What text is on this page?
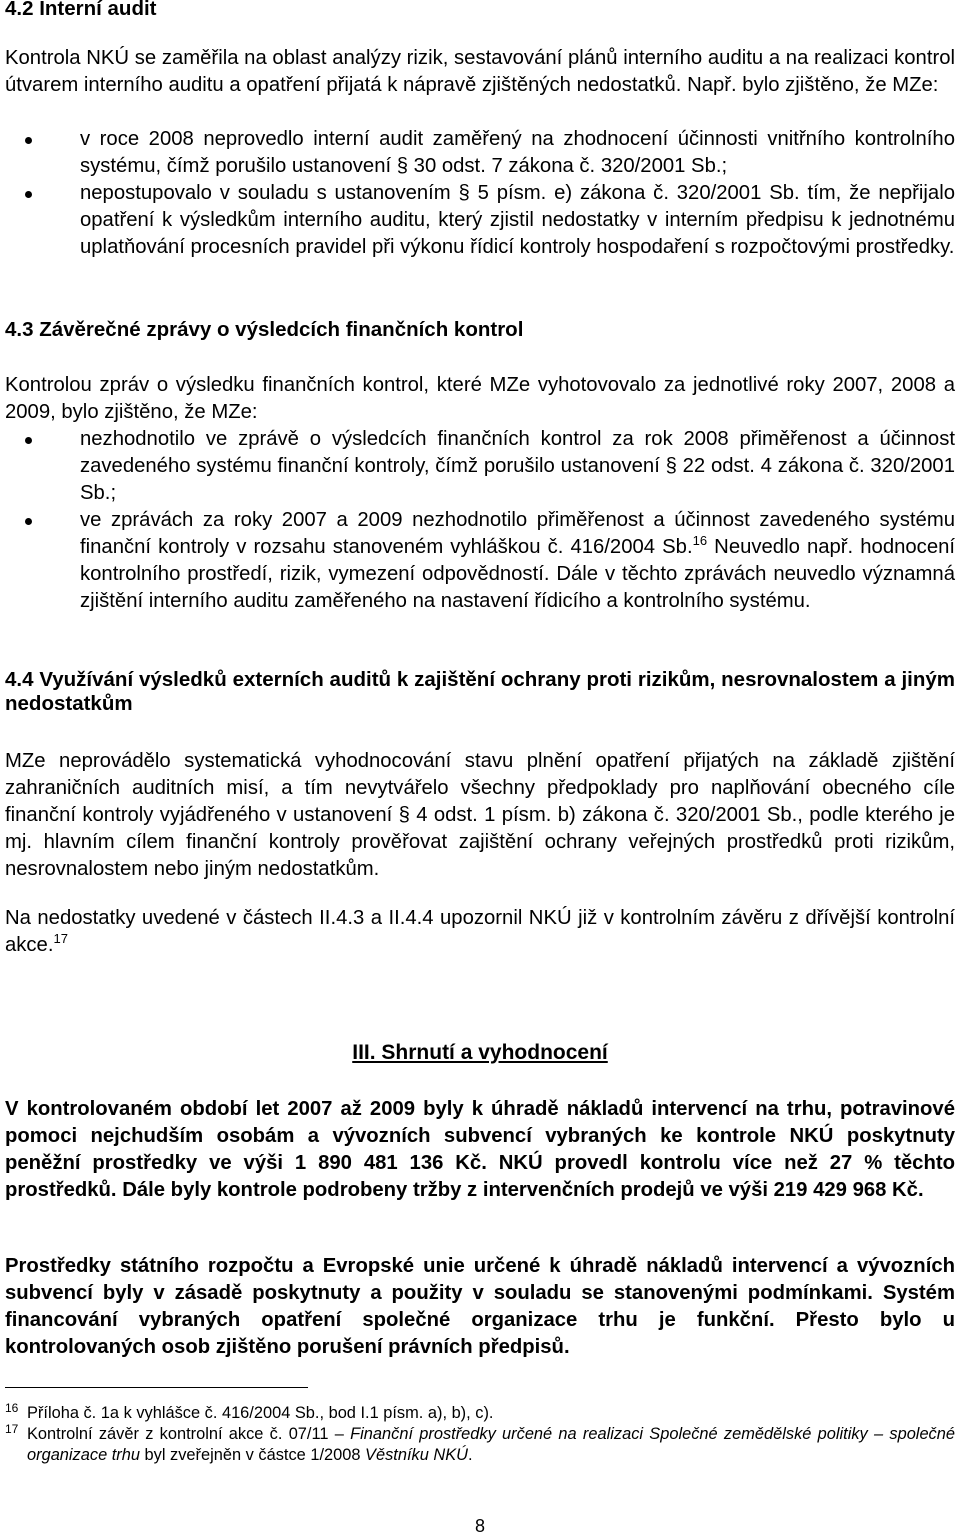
4.2 Interní audit

Kontrola NKÚ se zaměřila na oblast analýzy rizik, sestavování plánů interního auditu a na realizaci kontrol útvarem interního auditu a opatření přijatá k nápravě zjištěných nedostatků. Např. bylo zjištěno, že MZe:

v roce 2008 neprovedlo interní audit zaměřený na zhodnocení účinnosti vnitřního kontrolního systému, čímž porušilo ustanovení § 30 odst. 7 zákona č. 320/2001 Sb.;
nepostupovalo v souladu s ustanovením § 5 písm. e) zákona č. 320/2001 Sb. tím, že nepřijalo opatření k výsledkům interního auditu, který zjistil nedostatky v interním předpisu k jednotnému uplatňování procesních pravidel při výkonu řídicí kontroly hospodaření s rozpočtovými prostředky.
4.3 Závěrečné zprávy o výsledcích finančních kontrol

Kontrolou zpráv o výsledku finančních kontrol, které MZe vyhotovovalo za jednotlivé roky 2007, 2008 a 2009, bylo zjištěno, že MZe:

nezhodnotilo ve zprávě o výsledcích finančních kontrol za rok 2008 přiměřenost a účinnost zavedeného systému finanční kontroly, čímž porušilo ustanovení § 22 odst. 4 zákona č. 320/2001 Sb.;
ve zprávách za roky 2007 a 2009 nezhodnotilo přiměřenost a účinnost zavedeného systému finanční kontroly v rozsahu stanoveném vyhláškou č. 416/2004 Sb.$^{16}$ Neuvedlo např. hodnocení kontrolního prostředí, rizik, vymezení odpovědností. Dále v těchto zprávách neuvedlo významná zjištění interního auditu zaměřeného na nastavení řídicího a kontrolního systému.
4.4 Využívání výsledků externích auditů k zajištění ochrany proti rizikům, nesrovnalostem a jiným nedostatkům

MZe neprovádělo systematická vyhodnocování stavu plnění opatření přijatých na základě zjištění zahraničních auditních misí, a tím nevytvářelo všechny předpoklady pro naplňování obecného cíle finanční kontroly vyjádřeného v ustanovení § 4 odst. 1 písm. b) zákona č. 320/2001 Sb., podle kterého je mj. hlavním cílem finanční kontroly prověřovat zajištění ochrany veřejných prostředků proti rizikům, nesrovnalostem nebo jiným nedostatkům.

Na nedostatky uvedené v částech II.4.3 a II.4.4 upozornil NKÚ již v kontrolním závěru z dřívější kontrolní akce.$^{17}$

III. Shrnutí a vyhodnocení

V kontrolovaném období let 2007 až 2009 byly k úhradě nákladů intervencí na trhu, potravinové pomoci nejchudším osobám a vývozních subvencí vybraných ke kontrole NKÚ poskytnuty peněžní prostředky ve výši 1 890 481 136 Kč. NKÚ provedl kontrolu více než 27 % těchto prostředků. Dále byly kontrole podrobeny tržby z intervenčních prodejů ve výši 219 429 968 Kč.

Prostředky státního rozpočtu a Evropské unie určené k úhradě nákladů intervencí a vývozních subvencí byly v zásadě poskytnuty a použity v souladu se stanovenými podmínkami. Systém financování vybraných opatření společné organizace trhu je funkční. Přesto bylo u kontrolovaných osob zjištěno porušení právních předpisů.

16 Příloha č. 1a k vyhlášce č. 416/2004 Sb., bod I.1 písm. a), b), c).

17 Kontrolní závěr z kontrolní akce č. 07/11 – Finanční prostředky určené na realizaci Společné zemědělské politiky – společné organizace trhu byl zveřejněn v částce 1/2008 Věstníku NKÚ.

8
